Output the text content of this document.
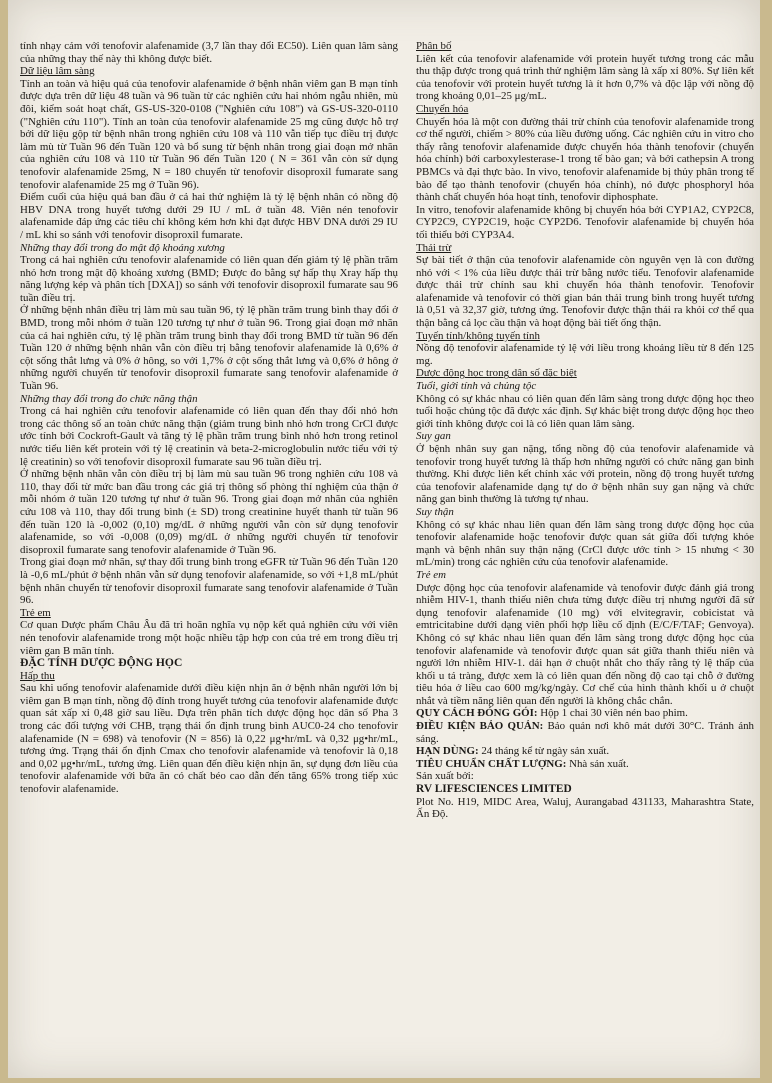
tính nhạy cảm với tenofovir alafenamide (3,7 lần thay đổi EC50). Liên quan lâm sàng của những thay thế này thì không được biết.

Dữ liệu lâm sàng

Tính an toàn và hiệu quả của tenofovir alafenamide ở bệnh nhân viêm gan B mạn tính được dựa trên dữ liệu 48 tuần và 96 tuần từ các nghiên cứu hai nhóm ngẫu nhiên, mù đôi, kiểm soát hoạt chất, GS-US-320-0108 ("Nghiên cứu 108") và GS-US-320-0110 ("Nghiên cứu 110"). Tính an toàn của tenofovir alafenamide 25 mg cũng được hỗ trợ bởi dữ liệu gộp từ bệnh nhân trong nghiên cứu 108 và 110 vẫn tiếp tục điều trị được làm mù từ Tuần 96 đến Tuần 120 và bổ sung từ bệnh nhân trong giai đoạn mở nhãn của nghiên cứu 108 và 110 từ Tuần 96 đến Tuần 120 ( N = 361 vẫn còn sử dụng tenofovir alafenamide 25mg, N = 180 chuyển từ tenofovir disoproxil fumarate sang tenofovir alafenamide 25 mg ở Tuần 96).

Điểm cuối của hiệu quả ban đầu ở cả hai thử nghiệm là tỷ lệ bệnh nhân có nồng độ HBV DNA trong huyết tương dưới 29 IU / mL ở tuần 48. Viên nén tenofovir alafenamide đáp ứng các tiêu chí không kém hơn khi đạt được HBV DNA dưới 29 IU / mL khi so sánh với tenofovir disoproxil fumarate.

Những thay đổi trong đo mật độ khoáng xương

Trong cả hai nghiên cứu tenofovir alafenamide có liên quan đến giảm tỷ lệ phần trăm nhỏ hơn trong mật độ khoáng xương (BMD; Được đo bằng sự hấp thụ Xray hấp thụ năng lượng kép và phân tích [DXA]) so sánh với tenofovir disoproxil fumarate sau 96 tuần điều trị.

Ở những bệnh nhân điều trị làm mù sau tuần 96, tỷ lệ phần trăm trung bình thay đổi ở BMD, trong mỗi nhóm ở tuần 120 tương tự như ở tuần 96. Trong giai đoạn mở nhãn của cả hai nghiên cứu, tỷ lệ phần trăm trung bình thay đổi trong BMD từ tuần 96 đến Tuần 120 ở những bệnh nhân vẫn còn điều trị bằng tenofovir alafenamide là 0,6% ở cột sống thắt lưng và 0% ở hông, so với 1,7% ở cột sống thắt lưng và 0,6% ở hông ở những người chuyển từ tenofovir disoproxil fumarate sang tenofovir alafenamide ở Tuần 96.

Những thay đổi trong đo chức năng thận

Trong cả hai nghiên cứu tenofovir alafenamide có liên quan đến thay đổi nhỏ hơn trong các thông số an toàn chức năng thận (giảm trung bình nhỏ hơn trong CrCl được ước tính bởi Cockroft-Gault và tăng tỷ lệ phần trăm trung bình nhỏ hơn trong retinol nước tiểu liên kết protein với tỷ lệ creatinin và beta-2-microglobulin nước tiểu với tỷ lệ creatinin) so với tenofovir disoproxil fumarate sau 96 tuần điều trị.

Ở những bệnh nhân vẫn còn điều trị bị làm mù sau tuần 96 trong nghiên cứu 108 và 110, thay đổi từ mức ban đầu trong các giá trị thông số phòng thí nghiệm của thận ở mỗi nhóm ở tuần 120 tương tự như ở tuần 96. Trong giai đoạn mở nhãn của nghiên cứu 108 và 110, thay đổi trung bình (± SD) trong creatinine huyết thanh từ tuần 96 đến tuần 120 là -0,002 (0,10) mg/dL ở những người vẫn còn sử dụng tenofovir alafenamide, so với -0,008 (0,09) mg/dL ở những người chuyển từ tenofovir disoproxil fumarate sang tenofovir alafenamide ở Tuần 96.

Trong giai đoạn mở nhãn, sự thay đổi trung bình trong eGFR từ Tuần 96 đến Tuần 120 là -0,6 mL/phút ở bệnh nhân vẫn sử dụng tenofovir alafenamide, so với +1,8 mL/phút bệnh nhân chuyển từ tenofovir disoproxil fumarate sang tenofovir alafenamide ở Tuần 96.

Trẻ em

Cơ quan Dược phẩm Châu Âu đã trì hoãn nghĩa vụ nộp kết quả nghiên cứu với viên nén tenofovir alafenamide trong một hoặc nhiều tập hợp con của trẻ em trong điều trị viêm gan B mãn tính.

ĐẶC TÍNH DƯỢC ĐỘNG HỌC
Hấp thu

Sau khi uống tenofovir alafenamide dưới điều kiện nhịn ăn ở bệnh nhân người lớn bị viêm gan B mạn tính, nồng độ đỉnh trong huyết tương của tenofovir alafenamide được quan sát xấp xỉ 0,48 giờ sau liều. Dựa trên phân tích dược động học dân số Pha 3 trong các đối tượng với CHB, trạng thái ổn định trung bình AUC0-24 cho tenofovir alafenamide (N = 698) và tenofovir (N = 856) là 0,22 μg•hr/mL và 0,32 μg•hr/mL, tương ứng. Trạng thái ổn định Cmax cho tenofovir alafenamide và tenofovir là 0,18 and 0,02 μg•hr/mL, tương ứng. Liên quan đến điều kiện nhịn ăn, sự dụng đơn liều của tenofovir alafenamide với bữa ăn có chất béo cao dẫn đến tăng 65% trong tiếp xúc tenofovir alafenamide.

Phân bố

Liên kết của tenofovir alafenamide với protein huyết tương trong các mẫu thu thập được trong quá trình thử nghiệm lâm sàng là xấp xỉ 80%. Sự liên kết của tenofovir với protein huyết tương là ít hơn 0,7% và độc lập với nồng độ trong khoảng 0,01–25 μg/mL.

Chuyển hóa

Chuyển hóa là một con đường thải trừ chính của tenofovir alafenamide trong cơ thể người, chiếm > 80% của liều đường uống. Các nghiên cứu in vitro cho thấy rằng tenofovir alafenamide được chuyển hóa thành tenofovir (chuyển hóa chính) bởi carboxylesterase-1 trong tế bào gan; và bởi cathepsin A trong PBMCs và đại thực bào. In vivo, tenofovir alafenamide bị thủy phân trong tế bào để tạo thành tenofovir (chuyển hóa chính), nó được phosphoryl hóa thành chất chuyển hóa hoạt tính, tenofovir diphosphate.

In vitro, tenofovir alafenamide không bị chuyển hóa bởi CYP1A2, CYP2C8, CYP2C9, CYP2C19, hoặc CYP2D6. Tenofovir alafenamide bị chuyển hóa tối thiểu bởi CYP3A4.

Thải trừ

Sự bài tiết ở thận của tenofovir alafenamide còn nguyên vẹn là con đường nhỏ với < 1% của liều được thải trừ bằng nước tiểu. Tenofovir alafenamide được thải trừ chính sau khi chuyển hóa thành tenofovir. Tenofovir alafenamide và tenofovir có thời gian bán thải trung bình trong huyết tương là 0,51 và 32,37 giờ, tương ứng. Tenofovir được thận thải ra khỏi cơ thể qua thận bằng cả lọc cầu thận và hoạt động bài tiết ống thận.

Tuyến tính/không tuyến tính

Nồng độ tenofovir alafenamide tỷ lệ với liều trong khoảng liều từ 8 đến 125 mg.

Dược động học trong dân số đặc biệt
Tuổi, giới tính và chủng tộc

Không có sự khác nhau có liên quan đến lâm sàng trong dược động học theo tuổi hoặc chủng tộc đã được xác định. Sự khác biệt trong dược động học theo giới tính không được coi là có liên quan lâm sàng.

Suy gan

Ở bệnh nhân suy gan nặng, tổng nồng độ của tenofovir alafenamide và tenofovir trong huyết tương là thấp hơn những người có chức năng gan bình thường. Khi được liên kết chính xác với protein, nồng độ trong huyết tương của tenofovir alafenamide dạng tự do ở bệnh nhân suy gan nặng và chức năng gan bình thường là tương tự nhau.

Suy thận

Không có sự khác nhau liên quan đến lâm sàng trong dược động học của tenofovir alafenamide hoặc tenofovir được quan sát giữa đối tượng khỏe mạnh và bệnh nhân suy thận nặng (CrCl được ước tính > 15 nhưng < 30 mL/min) trong các nghiên cứu của tenofovir alafenamide.

Trẻ em

Dược động học của tenofovir alafenamide và tenofovir được đánh giá trong nhiễm HIV-1, thanh thiếu niên chưa từng được điều trị nhưng người đã sử dụng tenofovir alafenamide (10 mg) với elvitegravir, cobicistat và emtricitabine dưới dạng viên phối hợp liều cố định (E/C/F/TAF; Genvoya). Không có sự khác nhau liên quan đến lâm sàng trong dược động học của tenofovir alafenamide và tenofovir được quan sát giữa thanh thiếu niên và người lớn nhiễm HIV-1. dải hạn ở chuột nhắt cho thấy rằng tỷ lệ thấp của khối u tá tràng, được xem là có liên quan đến nồng độ cao tại chỗ ở đường tiêu hóa ở liều cao 600 mg/kg/ngày. Cơ chế của hình thành khối u ở chuột nhắt và tiềm năng liên quan đến người là không chắc chắn.

QUY CÁCH ĐÓNG GÓI: Hộp 1 chai 30 viên nén bao phim.

ĐIỀU KIỆN BẢO QUẢN: Bảo quản nơi khô mát dưới 30°C. Tránh ánh sáng.

HẠN DÙNG: 24 tháng kể từ ngày sản xuất.

TIÊU CHUẨN CHẤT LƯỢNG: Nhà sản xuất.

Sản xuất bởi:

RV LIFESCIENCES LIMITED

Plot No. H19, MIDC Area, Waluj, Aurangabad 431133, Maharashtra State, Ấn Độ.
